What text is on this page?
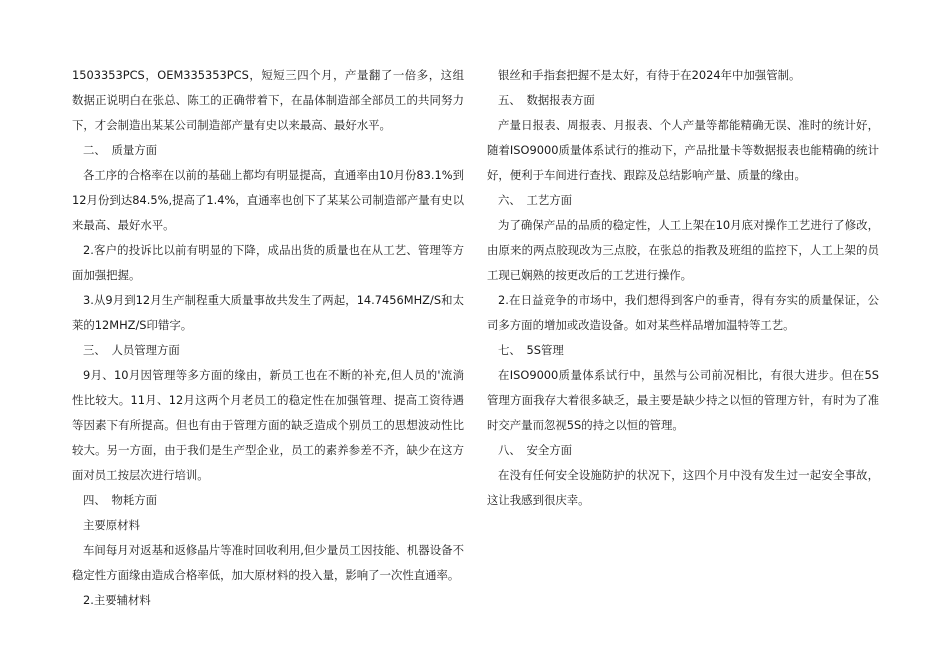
1503353PCS，OEM335353PCS，短短三四个月，产量翻了一倍多，这组数据正说明白在张总、陈工的正确带着下，在晶体制造部全部员工的共同努力下，才会制造出某某公司制造部产量有史以来最高、最好水平。

二、　质量方面

各工序的合格率在以前的基础上都均有明显提高，直通率由10月份83.1%到12月份到达84.5%,提高了1.4%，直通率也创下了某某公司制造部产量有史以来最高、最好水平。

2.客户的投诉比以前有明显的下降，成品出货的质量也在从工艺、管理等方面加强把握。

3.从9月到12月生产制程重大质量事故共发生了两起，14.7456MHZ/S和太莱的12MHZ/S印错字。

三、　人员管理方面

9月、10月因管理等多方面的缘由，新员工也在不断的补充,但人员的'流淌性比较大。11月、12月这两个月老员工的稳定性在加强管理、提高工资待遇等因素下有所提高。但也有由于管理方面的缺乏造成个别员工的思想波动性比较大。另一方面，由于我们是生产型企业，员工的素养参差不齐，缺少在这方面对员工按层次进行培训。

四、　物耗方面

主要原材料

车间每月对返基和返修晶片等准时回收利用,但少量员工因技能、机器设备不稳定性方面缘由造成合格率低，加大原材料的投入量，影响了一次性直通率。

2.主要辅材料

银丝和手指套把握不是太好，有待于在2024年中加强管制。

五、　数据报表方面

产量日报表、周报表、月报表、个人产量等都能精确无误、准时的统计好，随着ISO9000质量体系试行的推动下，产品批量卡等数据报表也能精确的统计好，便利于车间进行查找、跟踪及总结影响产量、质量的缘由。

六、　工艺方面

为了确保产品的品质的稳定性，人工上架在10月底对操作工艺进行了修改，由原来的两点胶现改为三点胶，在张总的指教及班组的监控下，人工上架的员工现已娴熟的按更改后的工艺进行操作。

2.在日益竞争的市场中，我们想得到客户的垂青，得有夯实的质量保证，公司多方面的增加或改造设备。如对某些样品增加温特等工艺。

七、　5S管理

在ISO9000质量体系试行中，虽然与公司前况相比，有很大进步。但在5S管理方面我存大着很多缺乏，最主要是缺少持之以恒的管理方针，有时为了准时交产量而忽视5S的持之以恒的管理。

八、　安全方面

在没有任何安全设施防护的状况下，这四个月中没有发生过一起安全事故，这让我感到很庆幸。
